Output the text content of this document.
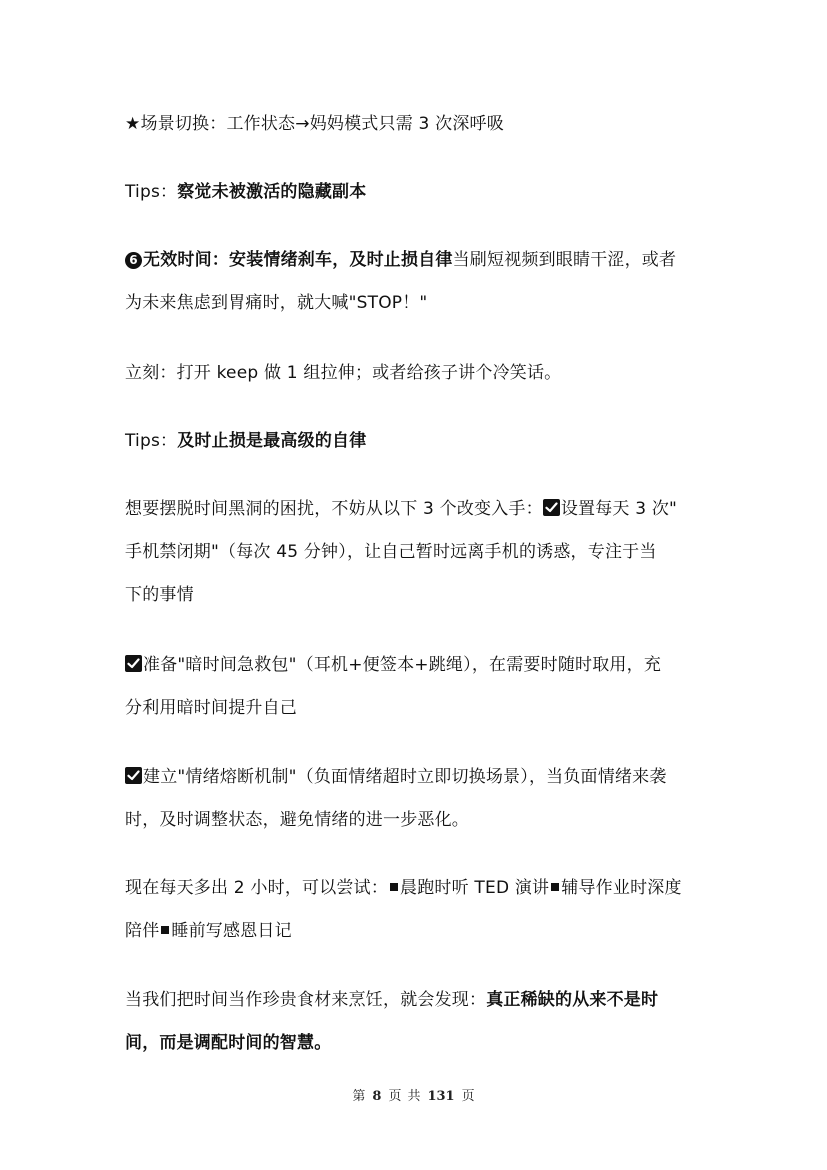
★场景切换：工作状态→妈妈模式只需 3 次深呼吸
Tips：察觉未被激活的隐藏副本
6 无效时间：安装情绪刹车，及时止损自律当刷短视频到眼睛干涩，或者
为未来焦虑到胃痛时，就大喊"STOP！"
立刻：打开 keep 做 1 组拉伸；或者给孩子讲个冷笑话。
Tips：及时止损是最高级的自律
想要摆脱时间黑洞的困扰，不妨从以下 3 个改变入手： 设置每天 3 次"
手机禁闭期"（每次 45 分钟），让自己暂时远离手机的诱惑，专注于当
下的事情
准备"暗时间急救包"（耳机+便签本+跳绳），在需要时随时取用，充
分利用暗时间提升自己
建立"情绪熔断机制"（负面情绪超时立即切换场景），当负面情绪来袭
时，及时调整状态，避免情绪的进一步恶化。
现在每天多出 2 小时，可以尝试： 晨跑时听 TED 演讲 辅导作业时深度
陪伴 睡前写感恩日记
当我们把时间当作珍贵食材来烹饪，就会发现：真正稀缺的从来不是时
间，而是调配时间的智慧。
第 8 页 共 131 页
